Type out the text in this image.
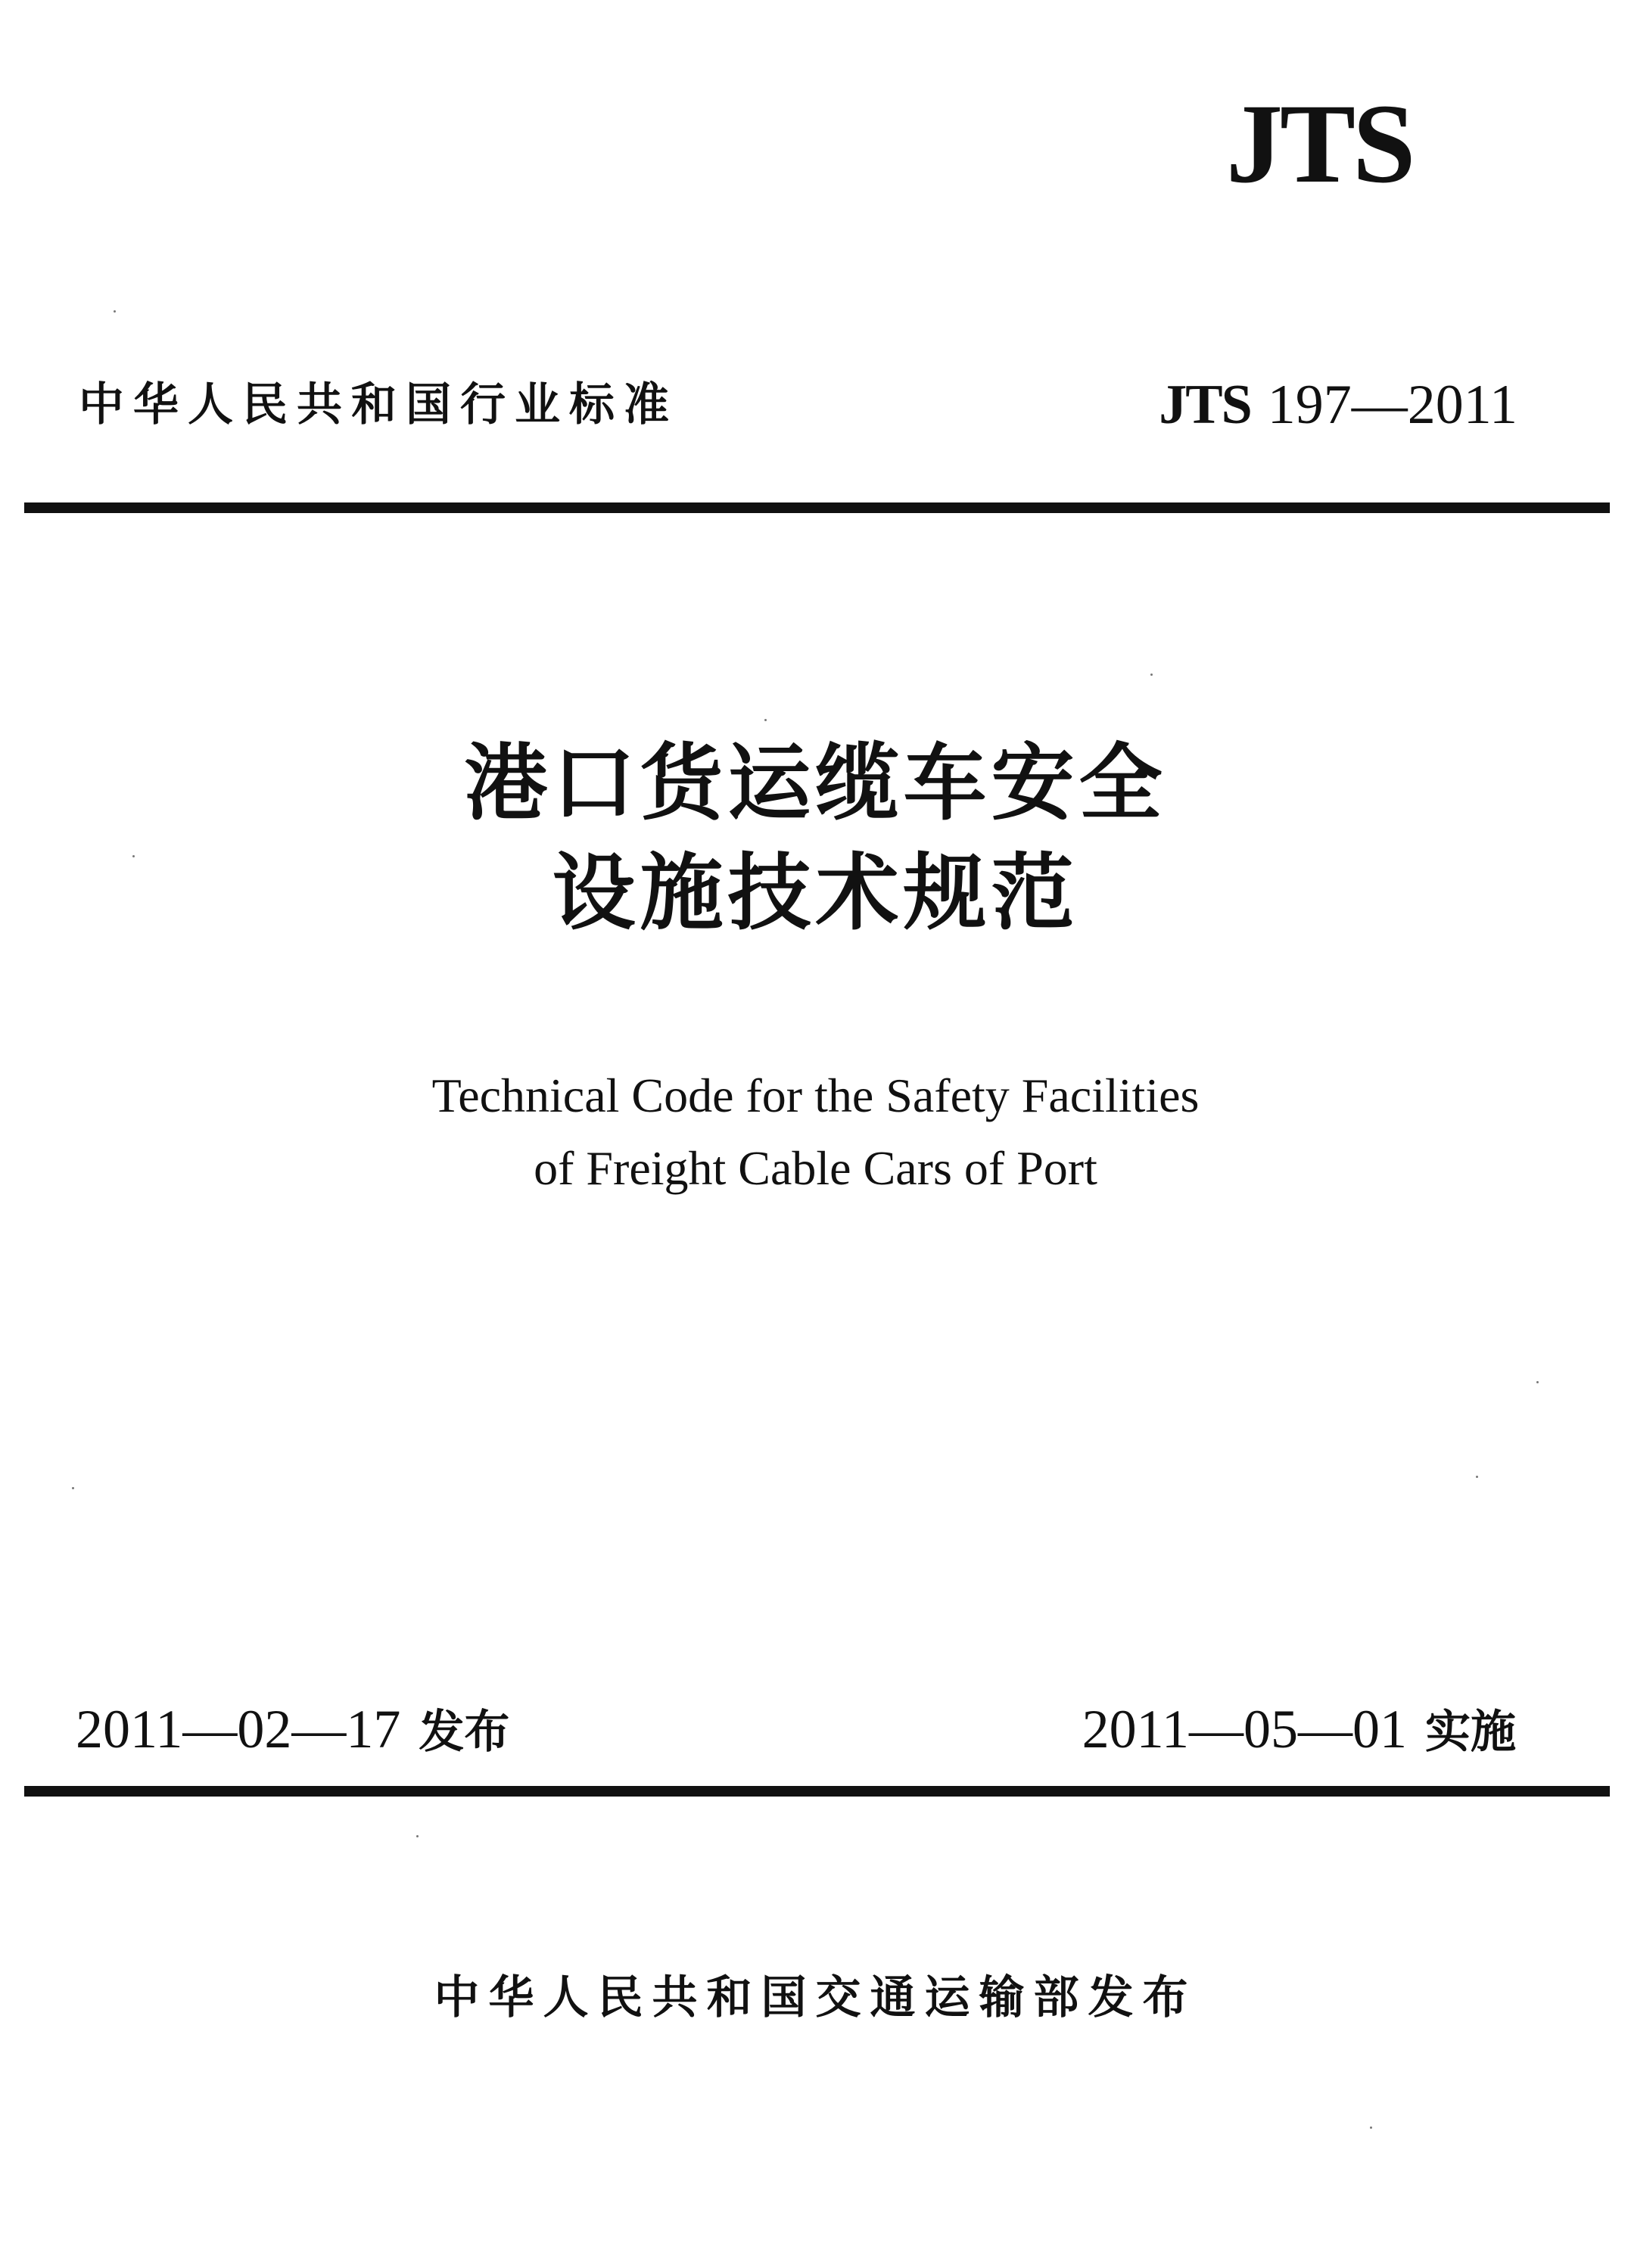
JTS
中华人民共和国行业标准	JTS 197—2011
港口货运缆车安全
设施技术规范
Technical Code for the Safety Facilities
of Freight Cable Cars of Port
2011—02—17 发布	2011—05—01 实施
中华人民共和国交通运输部发布
